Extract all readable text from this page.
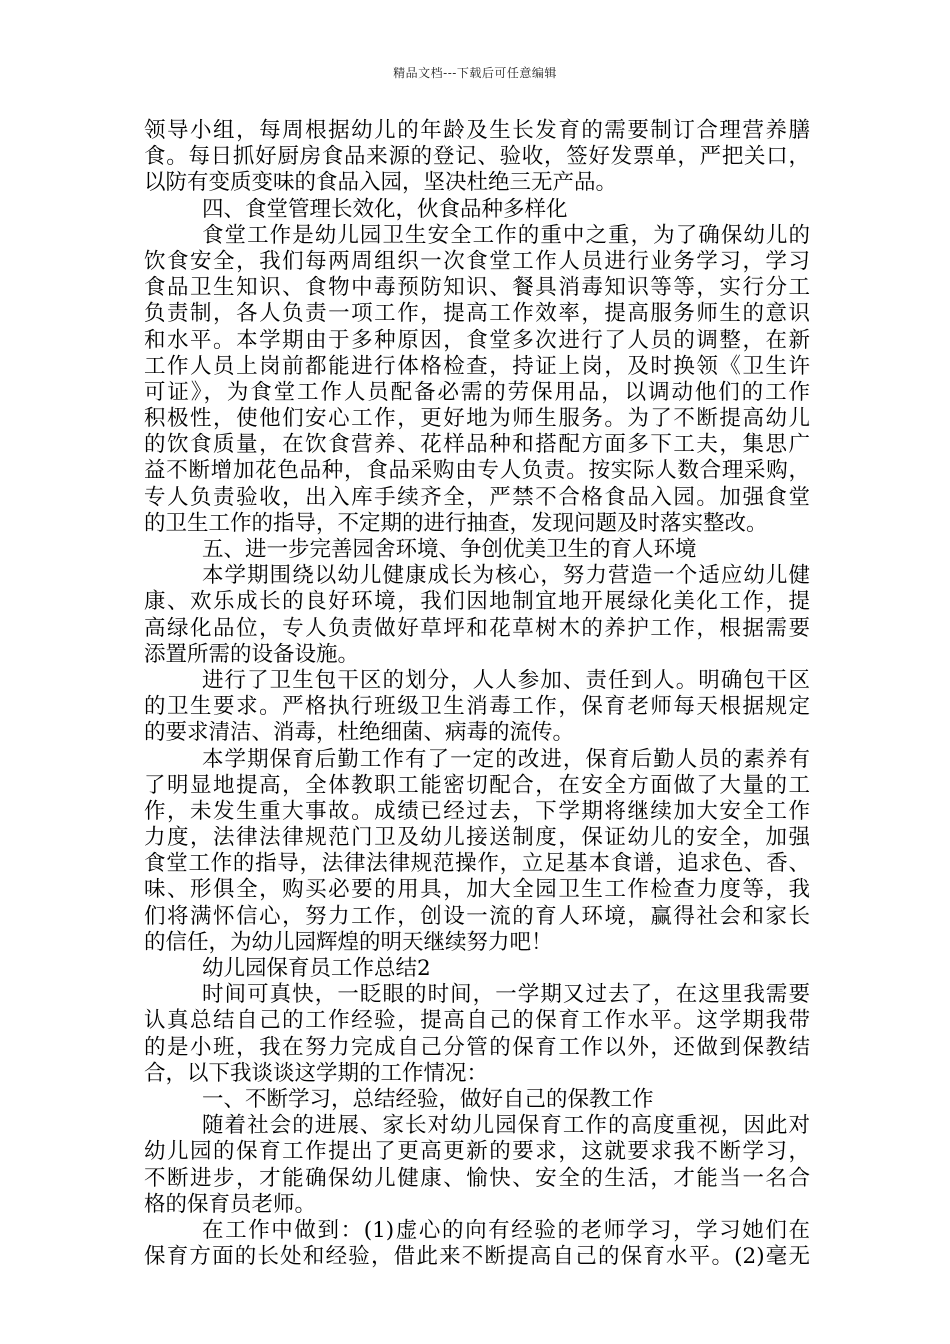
精品文档---下载后可任意编辑
领导小组，每周根据幼儿的年龄及生长发育的需要制订合理营养膳
食。每日抓好厨房食品来源的登记、验收，签好发票单，严把关口，
以防有变质变味的食品入园，坚决杜绝三无产品。
四、食堂管理长效化，伙食品种多样化
食堂工作是幼儿园卫生安全工作的重中之重，为了确保幼儿的
饮食安全，我们每两周组织一次食堂工作人员进行业务学习，学习
食品卫生知识、食物中毒预防知识、餐具消毒知识等等，实行分工
负责制，各人负责一项工作，提高工作效率，提高服务师生的意识
和水平。本学期由于多种原因，食堂多次进行了人员的调整，在新
工作人员上岗前都能进行体格检查，持证上岗，及时换领《卫生许
可证》，为食堂工作人员配备必需的劳保用品，以调动他们的工作
积极性，使他们安心工作，更好地为师生服务。为了不断提高幼儿
的饮食质量，在饮食营养、花样品种和搭配方面多下工夫，集思广
益不断增加花色品种，食品采购由专人负责。按实际人数合理采购，
专人负责验收，出入库手续齐全，严禁不合格食品入园。加强食堂
的卫生工作的指导，不定期的进行抽查，发现问题及时落实整改。
五、进一步完善园舍环境、争创优美卫生的育人环境
本学期围绕以幼儿健康成长为核心，努力营造一个适应幼儿健
康、欢乐成长的良好环境，我们因地制宜地开展绿化美化工作，提
高绿化品位，专人负责做好草坪和花草树木的养护工作，根据需要
添置所需的设备设施。
进行了卫生包干区的划分，人人参加、责任到人。明确包干区
的卫生要求。严格执行班级卫生消毒工作，保育老师每天根据规定
的要求清洁、消毒，杜绝细菌、病毒的流传。
本学期保育后勤工作有了一定的改进，保育后勤人员的素养有
了明显地提高，全体教职工能密切配合，在安全方面做了大量的工
作，未发生重大事故。成绩已经过去，下学期将继续加大安全工作
力度，法律法律规范门卫及幼儿接送制度，保证幼儿的安全，加强
食堂工作的指导，法律法律规范操作，立足基本食谱，追求色、香、
味、形俱全，购买必要的用具，加大全园卫生工作检查力度等，我
们将满怀信心，努力工作，创设一流的育人环境，赢得社会和家长
的信任，为幼儿园辉煌的明天继续努力吧！
幼儿园保育员工作总结2
时间可真快，一眨眼的时间，一学期又过去了，在这里我需要
认真总结自己的工作经验，提高自己的保育工作水平。这学期我带
的是小班，我在努力完成自己分管的保育工作以外，还做到保教结
合，以下我谈谈这学期的工作情况：
一、不断学习，总结经验，做好自己的保教工作
随着社会的进展、家长对幼儿园保育工作的高度重视，因此对
幼儿园的保育工作提出了更高更新的要求，这就要求我不断学习，
不断进步，才能确保幼儿健康、愉快、安全的生活，才能当一名合
格的保育员老师。
在工作中做到：(1)虚心的向有经验的老师学习，学习她们在
保育方面的长处和经验，借此来不断提高自己的保育水平。(2)毫无
